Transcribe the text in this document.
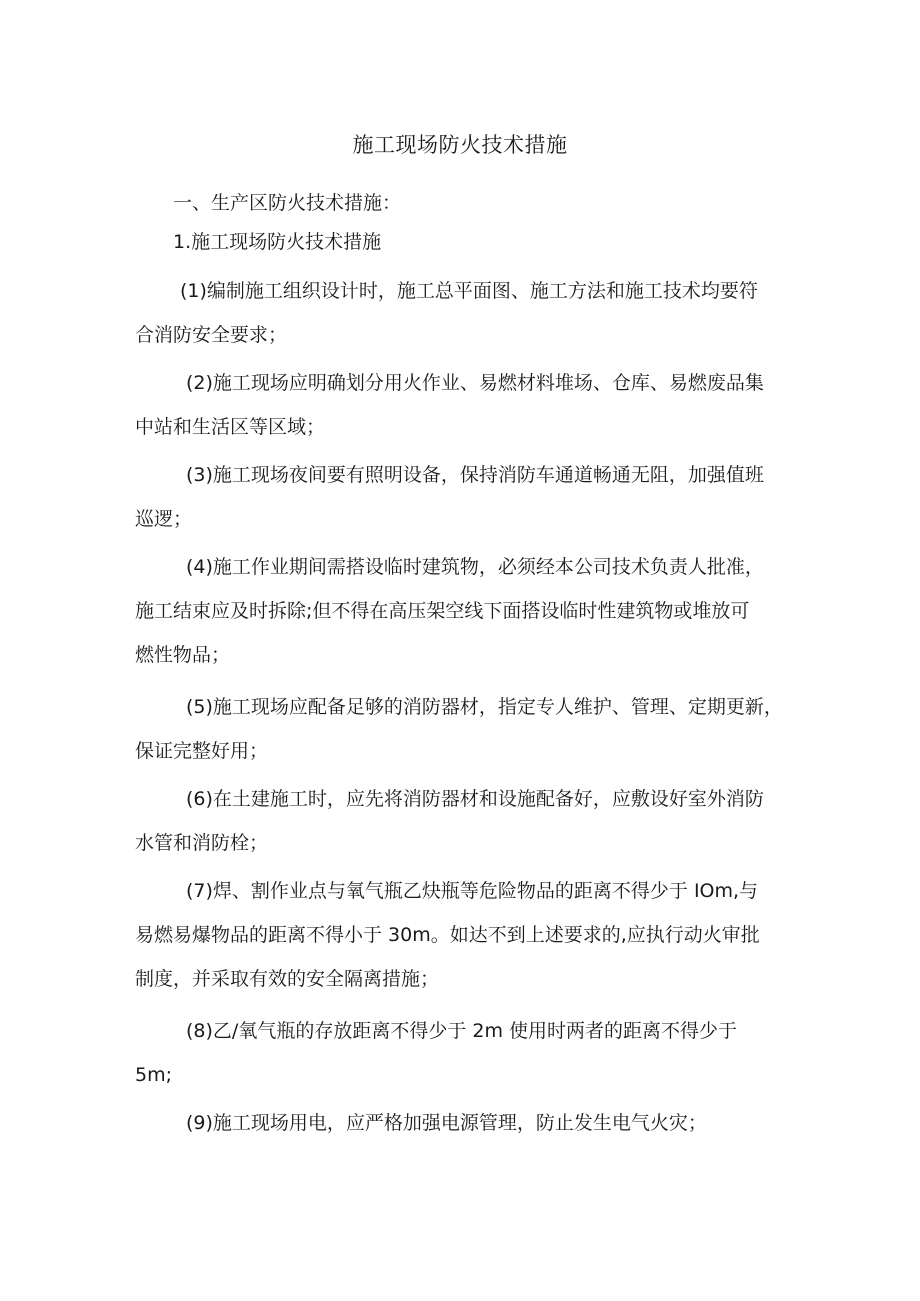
施工现场防火技术措施

一、生产区防火技术措施：

1.施工现场防火技术措施

(1)编制施工组织设计时，施工总平面图、施工方法和施工技术均要符
合消防安全要求；
(2)施工现场应明确划分用火作业、易燃材料堆场、仓库、易燃废品集
中站和生活区等区域；
(3)施工现场夜间要有照明设备，保持消防车通道畅通无阻，加强值班
巡逻；
(4)施工作业期间需搭设临时建筑物，必须经本公司技术负责人批准，
施工结束应及时拆除;但不得在高压架空线下面搭设临时性建筑物或堆放可
燃性物品；
(5)施工现场应配备足够的消防器材，指定专人维护、管理、定期更新，
保证完整好用；
(6)在土建施工时，应先将消防器材和设施配备好，应敷设好室外消防
水管和消防栓；
(7)焊、割作业点与氧气瓶乙炔瓶等危险物品的距离不得少于 IOm,与
易燃易爆物品的距离不得小于 30m。如达不到上述要求的,应执行动火审批
制度，并采取有效的安全隔离措施；
(8)乙/氧气瓶的存放距离不得少于 2m 使用时两者的距离不得少于
5m;
(9)施工现场用电，应严格加强电源管理，防止发生电气火灾；
